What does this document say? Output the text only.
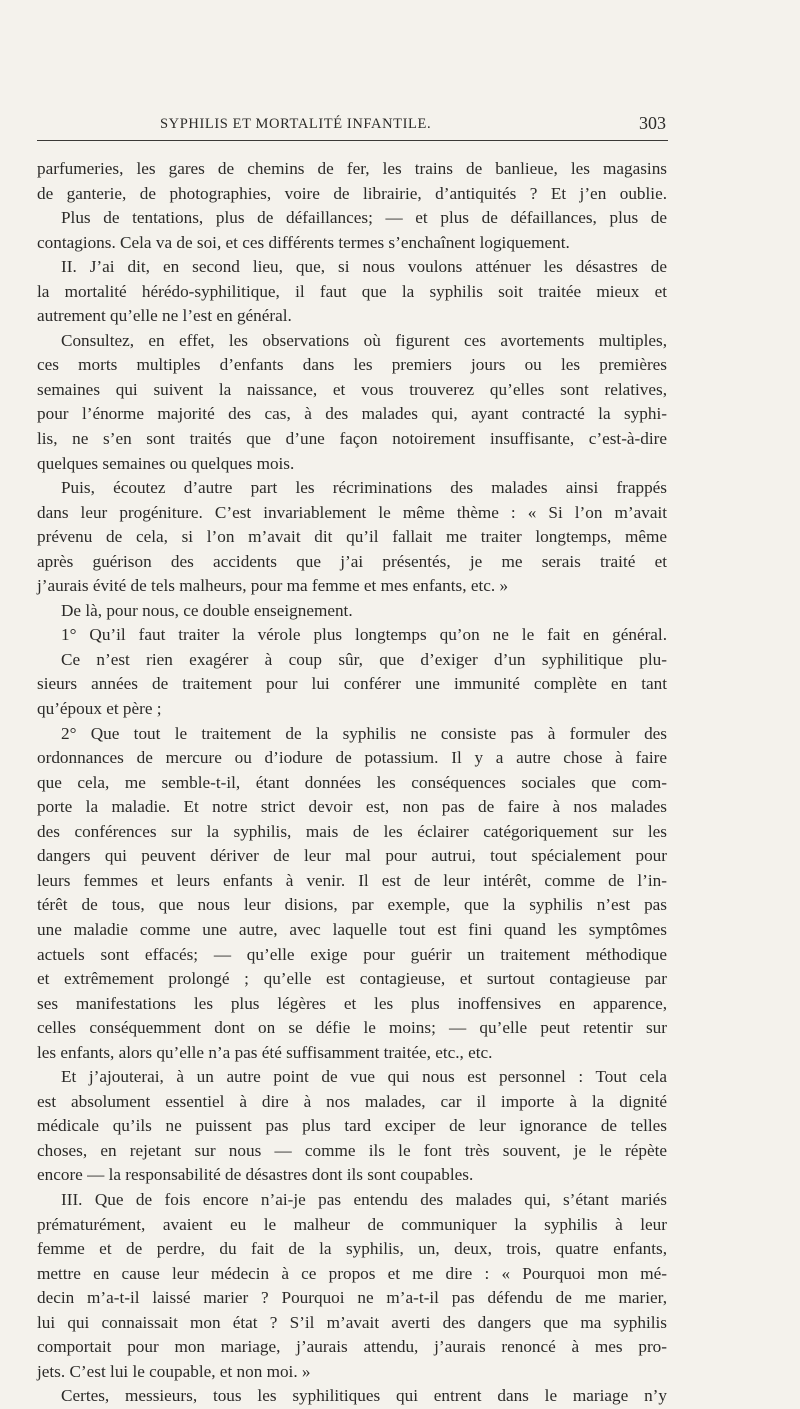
SYPHILIS ET MORTALITÉ INFANTILE.	303
parfumeries, les gares de chemins de fer, les trains de banlieue, les magasins
de ganterie, de photographies, voire de librairie, d’antiquités ? Et j’en oublie.
Plus de tentations, plus de défaillances; — et plus de défaillances, plus de
contagions. Cela va de soi, et ces différents termes s’enchaînent logiquement.
II. J’ai dit, en second lieu, que, si nous voulons atténuer les désastres de
la mortalité hérédo-syphilitique, il faut que la syphilis soit traitée mieux et
autrement qu’elle ne l’est en général.
Consultez, en effet, les observations où figurent ces avortements multiples,
ces morts multiples d’enfants dans les premiers jours ou les premières
semaines qui suivent la naissance, et vous trouverez qu’elles sont relatives,
pour l’énorme majorité des cas, à des malades qui, ayant contracté la syphi-
lis, ne s’en sont traités que d’une façon notoirement insuffisante, c’est-à-dire
quelques semaines ou quelques mois.
Puis, écoutez d’autre part les récriminations des malades ainsi frappés
dans leur progéniture. C’est invariablement le même thème : « Si l’on m’avait
prévenu de cela, si l’on m’avait dit qu’il fallait me traiter longtemps, même
après guérison des accidents que j’ai présentés, je me serais traité et
j’aurais évité de tels malheurs, pour ma femme et mes enfants, etc. »
De là, pour nous, ce double enseignement.
1° Qu’il faut traiter la vérole plus longtemps qu’on ne le fait en général.
Ce n’est rien exagérer à coup sûr, que d’exiger d’un syphilitique plu-
sieurs années de traitement pour lui conférer une immunité complète en tant
qu’époux et père ;
2° Que tout le traitement de la syphilis ne consiste pas à formuler des
ordonnances de mercure ou d’iodure de potassium. Il y a autre chose à faire
que cela, me semble-t-il, étant données les conséquences sociales que com-
porte la maladie. Et notre strict devoir est, non pas de faire à nos malades
des conférences sur la syphilis, mais de les éclairer catégoriquement sur les
dangers qui peuvent dériver de leur mal pour autrui, tout spécialement pour
leurs femmes et leurs enfants à venir. Il est de leur intérêt, comme de l’in-
térêt de tous, que nous leur disions, par exemple, que la syphilis n’est pas
une maladie comme une autre, avec laquelle tout est fini quand les symptômes
actuels sont effacés; — qu’elle exige pour guérir un traitement méthodique
et extrêmement prolongé ; qu’elle est contagieuse, et surtout contagieuse par
ses manifestations les plus légères et les plus inoffensives en apparence,
celles conséquemment dont on se défie le moins; — qu’elle peut retentir sur
les enfants, alors qu’elle n’a pas été suffisamment traitée, etc., etc.
Et j’ajouterai, à un autre point de vue qui nous est personnel : Tout cela
est absolument essentiel à dire à nos malades, car il importe à la dignité
médicale qu’ils ne puissent pas plus tard exciper de leur ignorance de telles
choses, en rejetant sur nous — comme ils le font très souvent, je le répète
encore — la responsabilité de désastres dont ils sont coupables.
III. Que de fois encore n’ai-je pas entendu des malades qui, s’étant mariés
prématurément, avaient eu le malheur de communiquer la syphilis à leur
femme et de perdre, du fait de la syphilis, un, deux, trois, quatre enfants,
mettre en cause leur médecin à ce propos et me dire : « Pourquoi mon mé-
decin m’a-t-il laissé marier ? Pourquoi ne m’a-t-il pas défendu de me marier,
lui qui connaissait mon état ? S’il m’avait averti des dangers que ma syphilis
comportait pour mon mariage, j’aurais attendu, j’aurais renoncé à mes pro-
jets. C’est lui le coupable, et non moi. »
Certes, messieurs, tous les syphilitiques qui entrent dans le mariage n’y
